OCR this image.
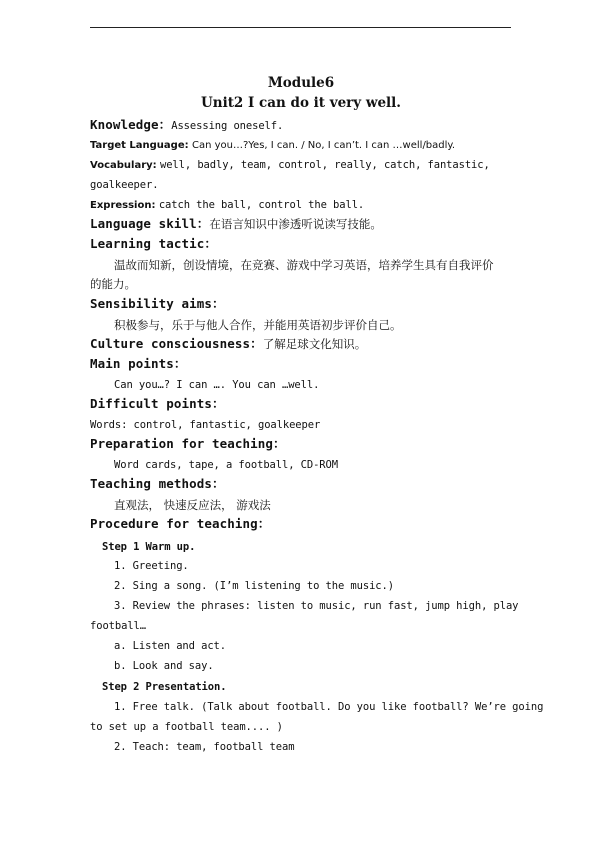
Module6
Unit2 I can do it very well.
Knowledge：Assessing oneself.
Target Language: Can you…?Yes, I can. / No, I can’t. I can …well/badly.
Vocabulary: well, badly, team, control, really, catch, fantastic,
goalkeeper.
Expression: catch the ball, control the ball.
Language skill：在语言知识中渗透听说读写技能。
Learning tactic：
温故而知新，创设情境，在竞赛、游戏中学习英语，培养学生具有自我评价
的能力。
Sensibility aims：
积极参与，乐于与他人合作，并能用英语初步评价自己。
Culture consciousness：了解足球文化知识。
Main points：
Can you…? I can …. You can …well.
Difficult points：
Words: control, fantastic, goalkeeper
Preparation for teaching：
Word cards, tape, a football, CD-ROM
Teaching methods：
直观法， 快速反应法， 游戏法
Procedure for teaching：
Step 1 Warm up.
1. Greeting.
2. Sing a song. (I’m listening to the music.)
3. Review the phrases: listen to music, run fast, jump high, play
football…
a. Listen and act.
b. Look and say.
Step 2 Presentation.
1. Free talk. (Talk about football. Do you like football? We’re going
to set up a football team.... )
2. Teach: team, football team
